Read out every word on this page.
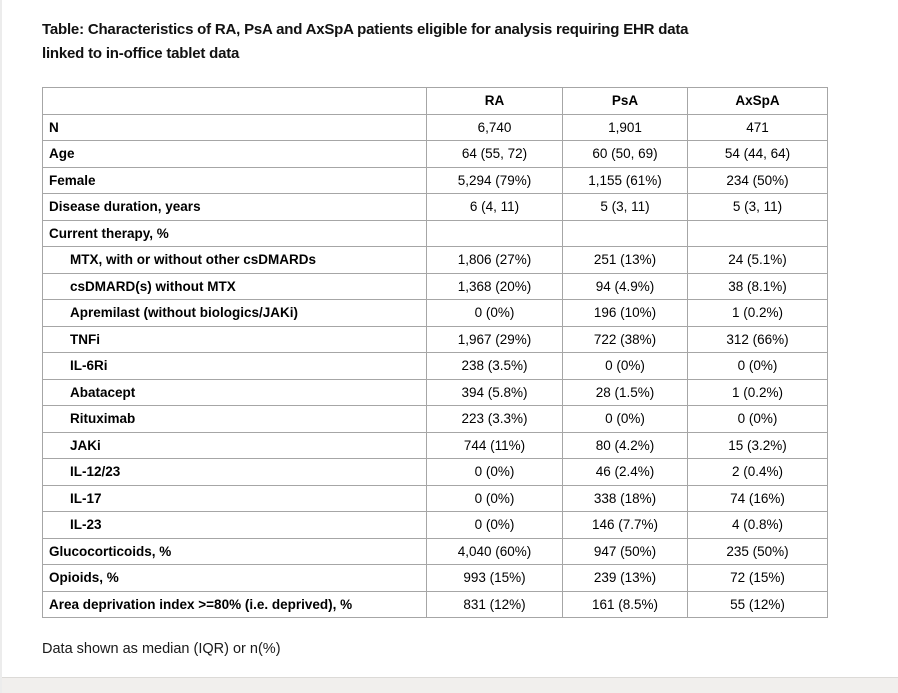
Table: Characteristics of RA, PsA and AxSpA patients eligible for analysis requiring EHR data
linked to in-office tablet data
	RA	PsA	AxSpA
N	6,740	1,901	471
Age	64 (55, 72)	60 (50, 69)	54 (44, 64)
Female	5,294 (79%)	1,155 (61%)	234 (50%)
Disease duration, years	6 (4, 11)	5 (3, 11)	5 (3, 11)
Current therapy, %			
MTX, with or without other csDMARDs	1,806 (27%)	251 (13%)	24 (5.1%)
csDMARD(s) without MTX	1,368 (20%)	94 (4.9%)	38 (8.1%)
Apremilast (without biologics/JAKi)	0 (0%)	196 (10%)	1 (0.2%)
TNFi	1,967 (29%)	722 (38%)	312 (66%)
IL-6Ri	238 (3.5%)	0 (0%)	0 (0%)
Abatacept	394 (5.8%)	28 (1.5%)	1 (0.2%)
Rituximab	223 (3.3%)	0 (0%)	0 (0%)
JAKi	744 (11%)	80 (4.2%)	15 (3.2%)
IL-12/23	0 (0%)	46 (2.4%)	2 (0.4%)
IL-17	0 (0%)	338 (18%)	74 (16%)
IL-23	0 (0%)	146 (7.7%)	4 (0.8%)
Glucocorticoids, %	4,040 (60%)	947 (50%)	235 (50%)
Opioids, %	993 (15%)	239 (13%)	72 (15%)
Area deprivation index >=80% (i.e. deprived), %	831 (12%)	161 (8.5%)	55 (12%)
Data shown as median (IQR) or n(%)
